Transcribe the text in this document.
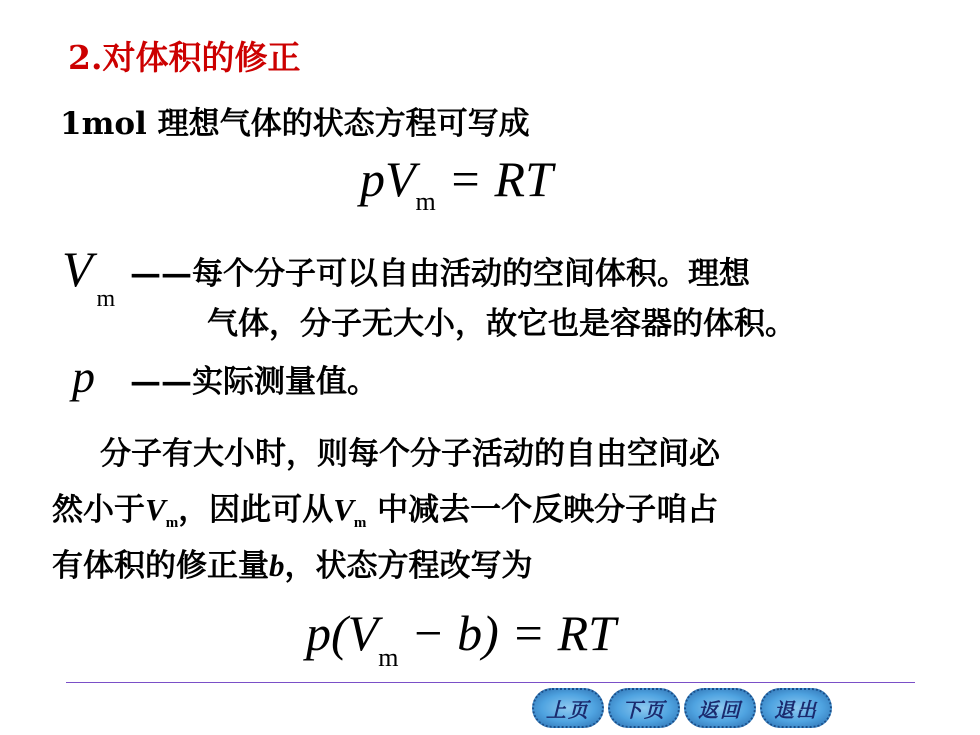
2.对体积的修正
1mol 理想气体的状态方程可写成
$pV_m$ = RT
$V_m$
——每个分子可以自由活动的空间体积。理想
气体，分子无大小，故它也是容器的体积。
p ——实际测量值。
分子有大小时，则每个分子活动的自由空间必
然小于$V_m$，因此可从$V_m$ 中减去一个反映分子咱占
有体积的修正量b，状态方程改写为
$p(V_m - b)$ = RT
上页	下页	返回	退出
